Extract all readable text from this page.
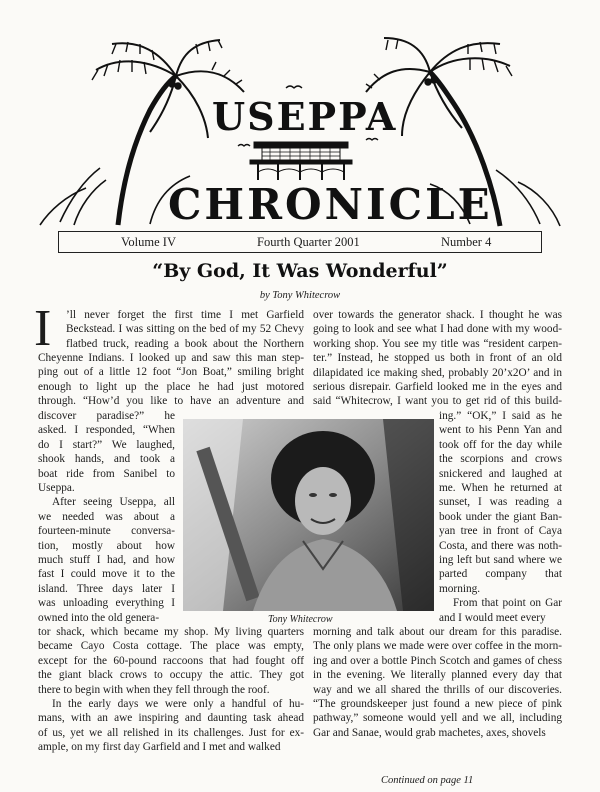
USEPPA
CHRONICLE
Volume IV	Fourth Quarter 2001	Number 4
“By God, It Was Wonderful”
by Tony Whitecrow
I ’ll never forget the first time I met Garfield

Beckstead. I was sitting on the bed of my 52 Chevy

flatbed truck, reading a book about the Northern

Cheyenne Indians. I looked up and saw this man step-

ping out of a little 12 foot “Jon Boat,” smiling bright

enough to light up the place he had just motored

through. “How’d you like to have an adventure and

discover paradise?” he

asked. I responded, “When

do I start?” We laughed,

shook hands, and took a

boat ride from Sanibel to

Useppa.

After seeing Useppa, all

we needed was about a

fourteen-minute conversa-

tion, mostly about how

much stuff I had, and how

fast I could move it to the

island. Three days later I

was unloading everything I

owned into the old genera-

tor shack, which became my shop. My living quarters

became Cayo Costa cottage. The place was empty,

except for the 60-pound raccoons that had fought off

the giant black crows to occupy the attic. They got

there to begin with when they fell through the roof.

In the early days we were only a handful of hu-

mans, with an awe inspiring and daunting task ahead

of us, yet we all relished in its challenges. Just for ex-

ample, on my first day Garfield and I met and walked

over towards the generator shack. I thought he was

going to look and see what I had done with my wood-

working shop. You see my title was “resident carpen-

ter.” Instead, he stopped us both in front of an old

dilapidated ice making shed, probably 20’x2O’ and in

serious disrepair. Garfield looked me in the eyes and

said “Whitecrow, I want you to get rid of this build-

ing.” “OK,” I said as he

went to his Penn Yan and

took off for the day while

the scorpions and crows

snickered and laughed at

me. When he returned at

sunset, I was reading a

book under the giant Ban-

yan tree in front of Caya

Costa, and there was noth-

ing left but sand where we

parted company that

morning.

From that point on Gar

and I would meet every

morning and talk about our dream for this paradise.

The only plans we made were over coffee in the morn-

ing and over a bottle Pinch Scotch and games of chess

in the evening. We literally planned every day that

way and we all shared the thrills of our discoveries.

“The groundskeeper just found a new piece of pink

pathway,” someone would yell and we all, including

Gar and Sanae, would grab machetes, axes, shovels

Tony Whitecrow
Continued on page 11
